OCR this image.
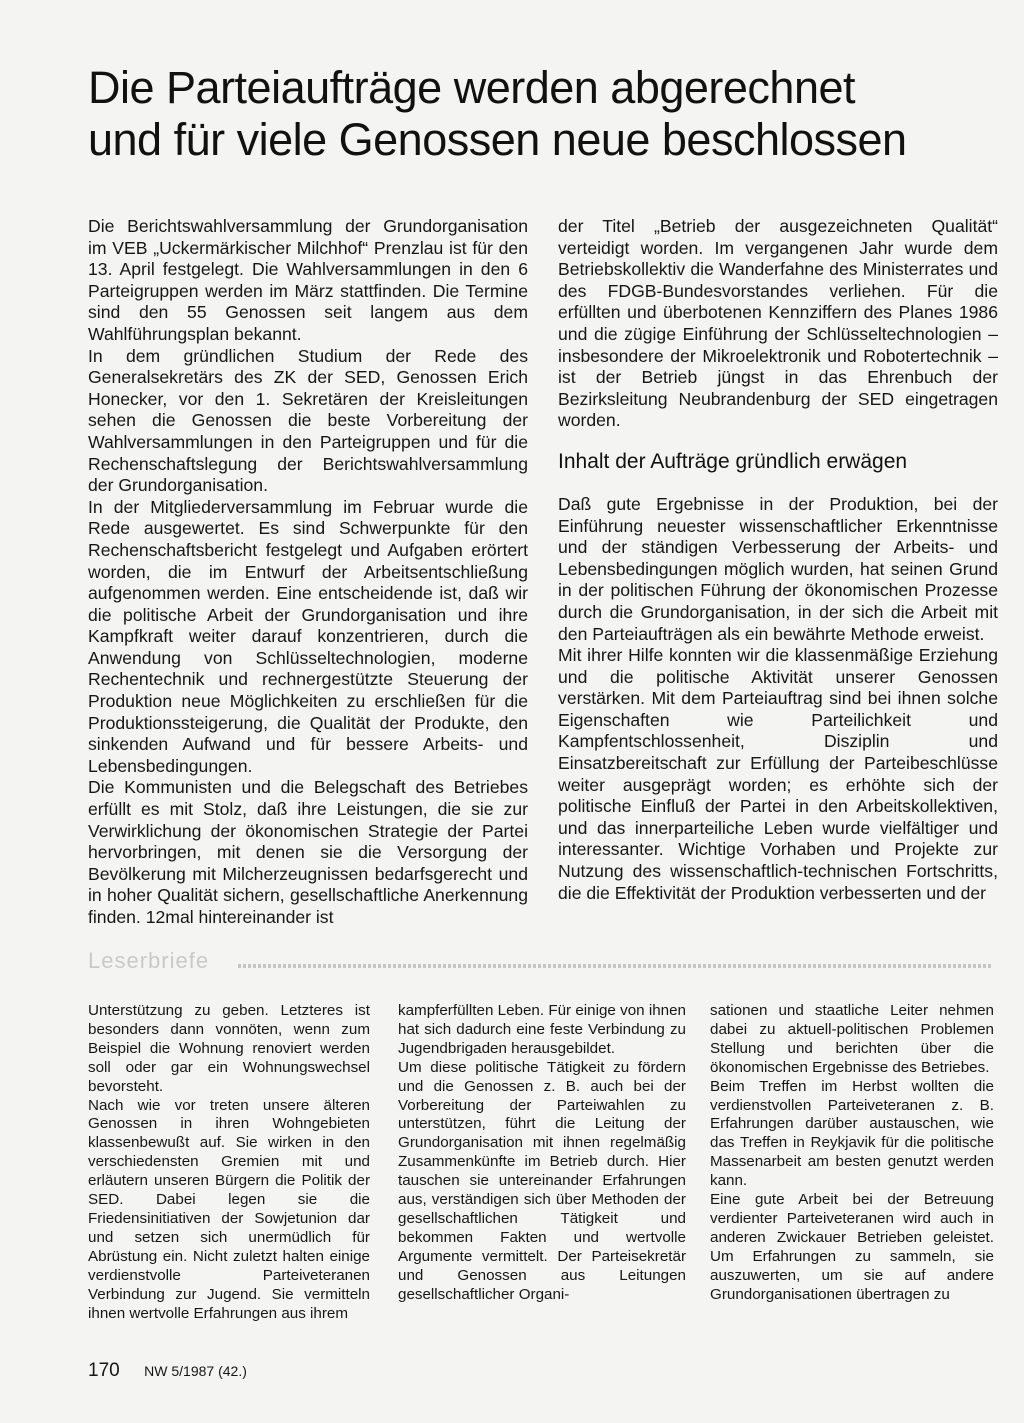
Die Parteiaufträge werden abgerechnet
und für viele Genossen neue beschlossen

Die Berichtswahlversammlung der Grundorganisation im VEB „Uckermärkischer Milchhof“ Prenzlau ist für den 13. April festgelegt. Die Wahlversammlungen in den 6 Parteigruppen werden im März stattfinden. Die Termine sind den 55 Genossen seit langem aus dem Wahlführungsplan bekannt.

In dem gründlichen Studium der Rede des Generalsekretärs des ZK der SED, Genossen Erich Honecker, vor den 1. Sekretären der Kreisleitungen sehen die Genossen die beste Vorbereitung der Wahlversammlungen in den Parteigruppen und für die Rechenschaftslegung der Berichtswahlversammlung der Grundorganisation.

In der Mitgliederversammlung im Februar wurde die Rede ausgewertet. Es sind Schwerpunkte für den Rechenschaftsbericht festgelegt und Aufgaben erörtert worden, die im Entwurf der Arbeitsentschließung aufgenommen werden. Eine entscheidende ist, daß wir die politische Arbeit der Grundorganisation und ihre Kampfkraft weiter darauf konzentrieren, durch die Anwendung von Schlüsseltechnologien, moderne Rechentechnik und rechnergestützte Steuerung der Produktion neue Möglichkeiten zu erschließen für die Produktionssteigerung, die Qualität der Produkte, den sinkenden Aufwand und für bessere Arbeits- und Lebensbedingungen.

Die Kommunisten und die Belegschaft des Betriebes erfüllt es mit Stolz, daß ihre Leistungen, die sie zur Verwirklichung der ökonomischen Strategie der Partei hervorbringen, mit denen sie die Versorgung der Bevölkerung mit Milcherzeugnissen bedarfsgerecht und in hoher Qualität sichern, gesellschaftliche Anerkennung finden. 12mal hintereinander ist

der Titel „Betrieb der ausgezeichneten Qualität“ verteidigt worden. Im vergangenen Jahr wurde dem Betriebskollektiv die Wanderfahne des Ministerrates und des FDGB-Bundesvorstandes verliehen. Für die erfüllten und überbotenen Kennziffern des Planes 1986 und die zügige Einführung der Schlüsseltechnologien – insbesondere der Mikroelektronik und Robotertechnik – ist der Betrieb jüngst in das Ehrenbuch der Bezirksleitung Neubrandenburg der SED eingetragen worden.

Inhalt der Aufträge gründlich erwägen

Daß gute Ergebnisse in der Produktion, bei der Einführung neuester wissenschaftlicher Erkenntnisse und der ständigen Verbesserung der Arbeits- und Lebensbedingungen möglich wurden, hat seinen Grund in der politischen Führung der ökonomischen Prozesse durch die Grundorganisation, in der sich die Arbeit mit den Parteiaufträgen als ein bewährte Methode erweist.

Mit ihrer Hilfe konnten wir die klassenmäßige Erziehung und die politische Aktivität unserer Genossen verstärken. Mit dem Parteiauftrag sind bei ihnen solche Eigenschaften wie Parteilichkeit und Kampfentschlossenheit, Disziplin und Einsatzbereitschaft zur Erfüllung der Parteibeschlüsse weiter ausgeprägt worden; es erhöhte sich der politische Einfluß der Partei in den Arbeitskollektiven, und das innerparteiliche Leben wurde vielfältiger und interessanter. Wichtige Vorhaben und Projekte zur Nutzung des wissenschaftlich-technischen Fortschritts, die die Effektivität der Produktion verbesserten und der

Leserbriefe

Unterstützung zu geben. Letzteres ist besonders dann vonnöten, wenn zum Beispiel die Wohnung renoviert werden soll oder gar ein Wohnungswechsel bevorsteht.

Nach wie vor treten unsere älteren Genossen in ihren Wohngebieten klassenbewußt auf. Sie wirken in den verschiedensten Gremien mit und erläutern unseren Bürgern die Politik der SED. Dabei legen sie die Friedensinitiativen der Sowjetunion dar und setzen sich unermüdlich für Abrüstung ein. Nicht zuletzt halten einige verdienstvolle Parteiveteranen Verbindung zur Jugend. Sie vermitteln ihnen wertvolle Erfahrungen aus ihrem

kampferfüllten Leben. Für einige von ihnen hat sich dadurch eine feste Verbindung zu Jugendbrigaden herausgebildet.

Um diese politische Tätigkeit zu fördern und die Genossen z. B. auch bei der Vorbereitung der Parteiwahlen zu unterstützen, führt die Leitung der Grundorganisation mit ihnen regelmäßig Zusammenkünfte im Betrieb durch. Hier tauschen sie untereinander Erfahrungen aus, verständigen sich über Methoden der gesellschaftlichen Tätigkeit und bekommen Fakten und wertvolle Argumente vermittelt. Der Parteisekretär und Genossen aus Leitungen gesellschaftlicher Organi-

sationen und staatliche Leiter nehmen dabei zu aktuell-politischen Problemen Stellung und berichten über die ökonomischen Ergebnisse des Betriebes.

Beim Treffen im Herbst wollten die verdienstvollen Parteiveteranen z. B. Erfahrungen darüber austauschen, wie das Treffen in Reykjavik für die politische Massenarbeit am besten genutzt werden kann.

Eine gute Arbeit bei der Betreuung verdienter Parteiveteranen wird auch in anderen Zwickauer Betrieben geleistet. Um Erfahrungen zu sammeln, sie auszuwerten, um sie auf andere Grundorganisationen übertragen zu

170 NW 5/1987 (42.)
